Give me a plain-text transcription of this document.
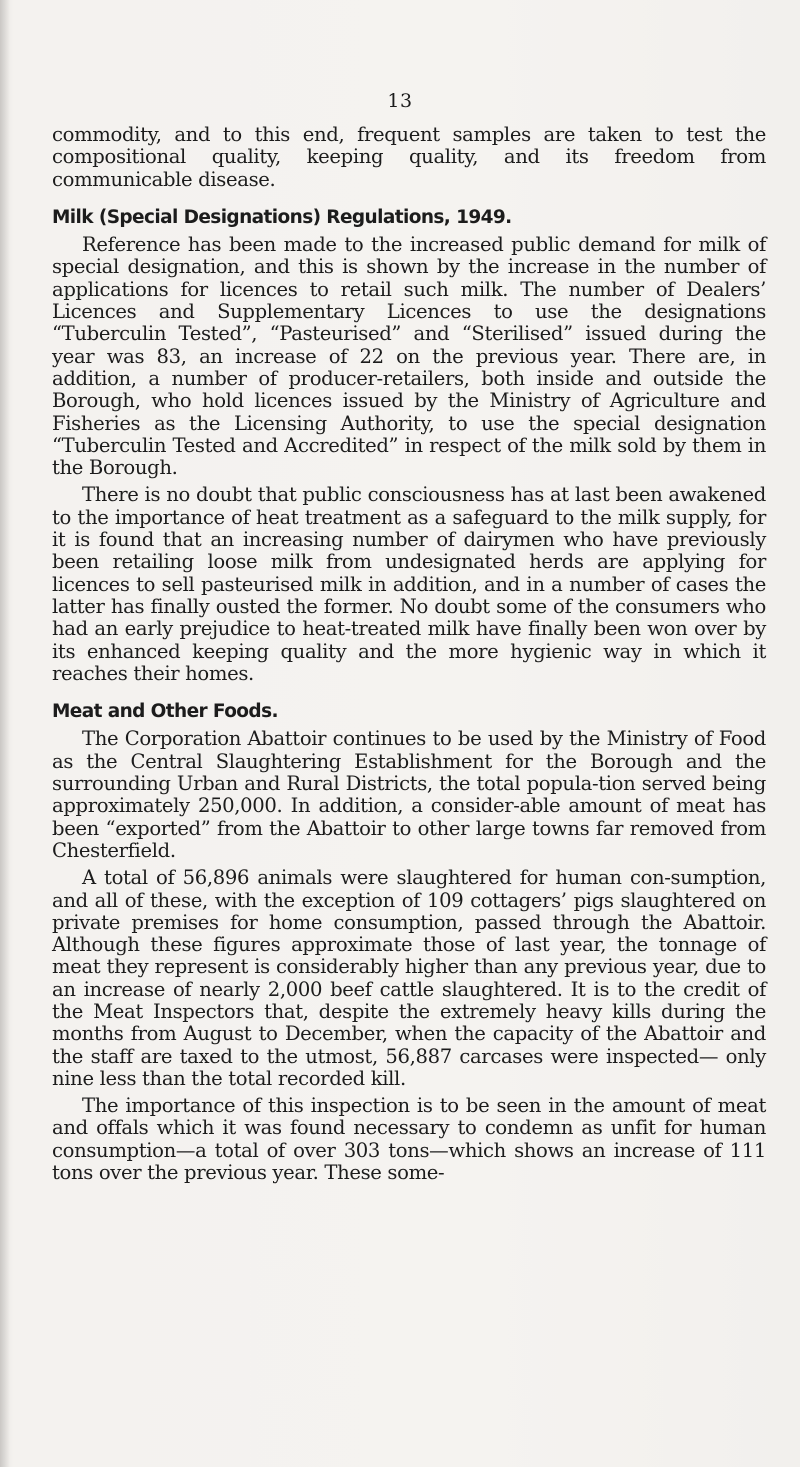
13

commodity, and to this end, frequent samples are taken to test the compositional quality, keeping quality, and its freedom from communicable disease.

Milk (Special Designations) Regulations, 1949.

Reference has been made to the increased public demand for milk of special designation, and this is shown by the increase in the number of applications for licences to retail such milk. The number of Dealers’ Licences and Supplementary Licences to use the designations “Tuberculin Tested”, “Pasteurised” and “Sterilised” issued during the year was 83, an increase of 22 on the previous year. There are, in addition, a number of producer-retailers, both inside and outside the Borough, who hold licences issued by the Ministry of Agriculture and Fisheries as the Licensing Authority, to use the special designation “Tuberculin Tested and Accredited” in respect of the milk sold by them in the Borough.

There is no doubt that public consciousness has at last been awakened to the importance of heat treatment as a safeguard to the milk supply, for it is found that an increasing number of dairymen who have previously been retailing loose milk from undesignated herds are applying for licences to sell pasteurised milk in addition, and in a number of cases the latter has finally ousted the former. No doubt some of the consumers who had an early prejudice to heat-treated milk have finally been won over by its enhanced keeping quality and the more hygienic way in which it reaches their homes.

Meat and Other Foods.

The Corporation Abattoir continues to be used by the Ministry of Food as the Central Slaughtering Establishment for the Borough and the surrounding Urban and Rural Districts, the total popula-tion served being approximately 250,000. In addition, a consider-able amount of meat has been “exported” from the Abattoir to other large towns far removed from Chesterfield.

A total of 56,896 animals were slaughtered for human con-sumption, and all of these, with the exception of 109 cottagers’ pigs slaughtered on private premises for home consumption, passed through the Abattoir. Although these figures approximate those of last year, the tonnage of meat they represent is considerably higher than any previous year, due to an increase of nearly 2,000 beef cattle slaughtered. It is to the credit of the Meat Inspectors that, despite the extremely heavy kills during the months from August to December, when the capacity of the Abattoir and the staff are taxed to the utmost, 56,887 carcases were inspected— only nine less than the total recorded kill.

The importance of this inspection is to be seen in the amount of meat and offals which it was found necessary to condemn as unfit for human consumption—a total of over 303 tons—which shows an increase of 111 tons over the previous year. These some-
